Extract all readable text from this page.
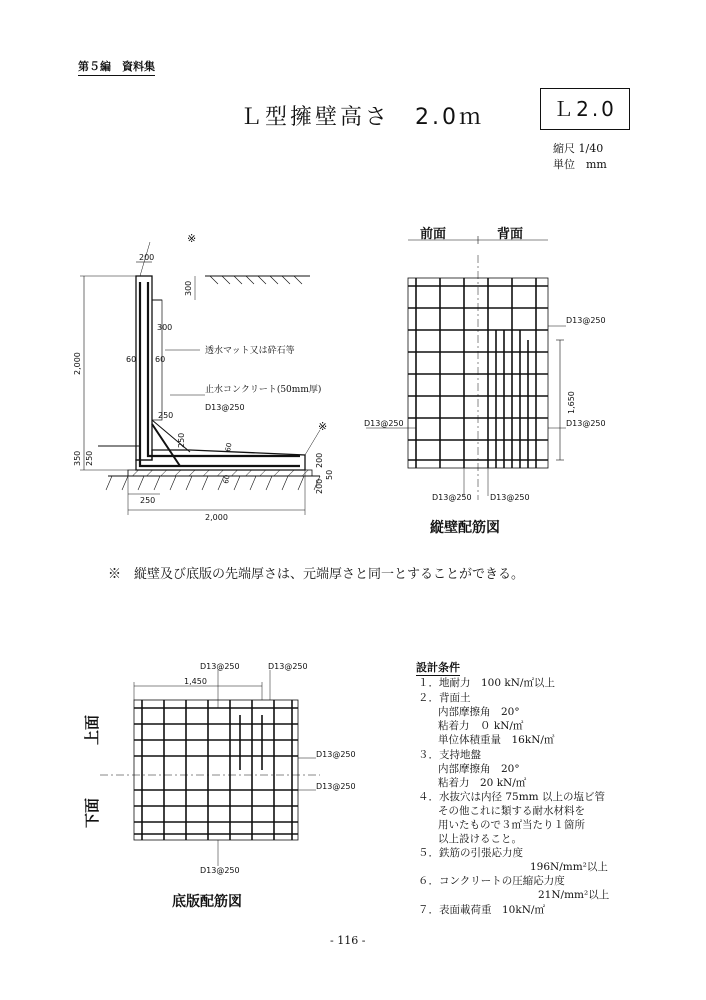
第５編　資料集
Ｌ型擁壁高さ　2.0ｍ	Ｌ2.0
縮尺 1/40
単位　mm
※
※
200
2,000
300
300
60 60
250
250
350 250
60
60
200
200
50
250
2,000
透水マット又は砕石等
止水コンクリート(50mm厚)
D13@250
前面	背面
D13@250
D13@250
D13@250
D13@250 D13@250
1,650
縦壁配筋図
上面
下面
1,450
D13@250	D13@250
D13@250
D13@250
D13@250
底版配筋図
※　縦壁及び底版の先端厚さは、元端厚さと同一とすることができる。
設計条件
１．地耐力　100 kN/㎡以上
２．背面土
内部摩擦角　20°
粘着力　０ kN/㎡
単位体積重量　16kN/㎥
３．支持地盤
内部摩擦角　20°
粘着力　20 kN/㎡
４．水抜穴は内径 75mm 以上の塩ビ管
その他これに類する耐水材料を
用いたもので３㎡当たり１箇所
以上設けること。
５．鉄筋の引張応力度
196N/mm²以上
６．コンクリートの圧縮応力度
21N/mm²以上
７．表面載荷重　10kN/㎡
- 116 -
